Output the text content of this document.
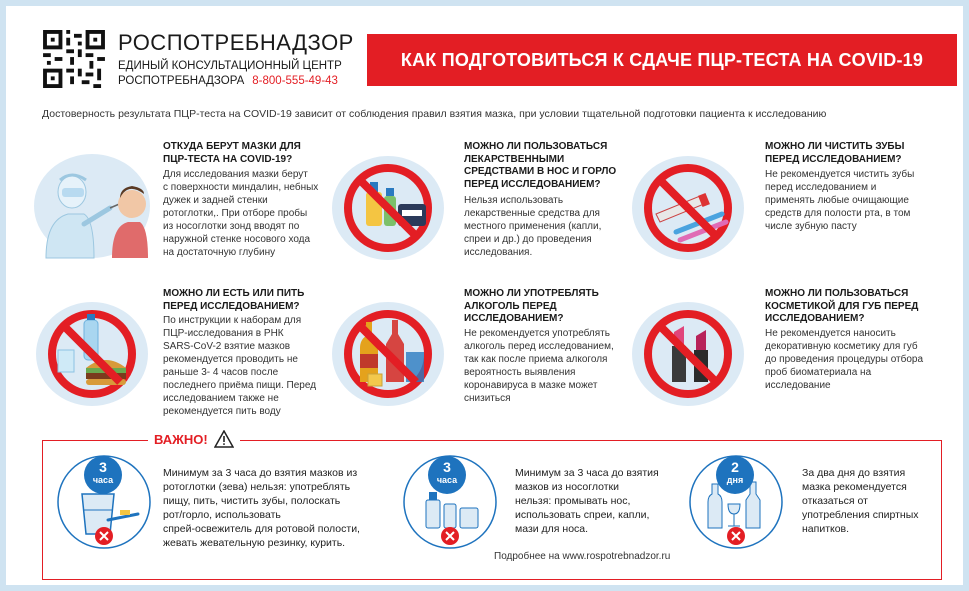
РОСПОТРЕБНАДЗОР
ЕДИНЫЙ КОНСУЛЬТАЦИОННЫЙ ЦЕНТР
РОСПОТРЕБНАДЗОРА 8-800-555-49-43
КАК ПОДГОТОВИТЬСЯ К СДАЧЕ ПЦР-ТЕСТА НА COVID-19
Достоверность результата ПЦР-теста на COVID-19 зависит от соблюдения правил взятия мазка, при условии тщательной подготовки пациента к исследованию
ОТКУДА БЕРУТ МАЗКИ ДЛЯ
ПЦР-ТЕСТА НА COVID-19?
Для исследования мазки берут
с поверхности миндалин, небных
дужек и задней стенки
ротоглотки,. При отборе пробы
из носоглотки зонд вводят по
наружной стенке носового хода
на достаточную глубину
МОЖНО ЛИ ПОЛЬЗОВАТЬСЯ
ЛЕКАРСТВЕННЫМИ
СРЕДСТВАМИ В НОС И ГОРЛО
ПЕРЕД ИССЛЕДОВАНИЕМ?
Нельзя использовать
лекарственные средства для
местного применения (капли,
спреи и др.) до проведения
исследования.
МОЖНО ЛИ ЧИСТИТЬ ЗУБЫ
ПЕРЕД ИССЛЕДОВАНИЕМ?
Не рекомендуется чистить зубы
перед исследованием и
применять любые очищающие
средств для полости рта, в том
числе зубную пасту
МОЖНО ЛИ ЕСТЬ ИЛИ ПИТЬ
ПЕРЕД ИССЛЕДОВАНИЕМ?
По инструкции к наборам для
ПЦР-исследования в РНК
SARS-CoV-2 взятие мазков
рекомендуется проводить не
раньше 3- 4 часов после
последнего приёма пищи. Перед
исследованием также не
рекомендуется пить воду
МОЖНО ЛИ УПОТРЕБЛЯТЬ
АЛКОГОЛЬ ПЕРЕД
ИССЛЕДОВАНИЕМ?
Не рекомендуется употреблять
алкоголь перед исследованием,
так как после приема алкоголя
вероятность выявления
коронавируса в мазке может
снизиться
МОЖНО ЛИ ПОЛЬЗОВАТЬСЯ
КОСМЕТИКОЙ ДЛЯ ГУБ ПЕРЕД
ИССЛЕДОВАНИЕМ?
Не рекомендуется наносить
декоративную косметику для губ
до проведения процедуры отбора
проб биоматериала на
исследование
ВАЖНО!
3
часа
Минимум за 3 часа до взятия мазков из
ротоглотки (зева) нельзя: употреблять
пищу, пить, чистить зубы, полоскать
рот/горло, использовать
спрей-освежитель для ротовой полости,
жевать жевательную резинку, курить.
3
часа
Минимум за 3 часа до взятия
мазков из носоглотки
нельзя: промывать нос,
использовать спреи, капли,
мази для носа.
2
дня
За два дня до взятия
мазка рекомендуется
отказаться от
употребления спиртных
напитков.
Подробнее на www.rospotrebnadzor.ru
